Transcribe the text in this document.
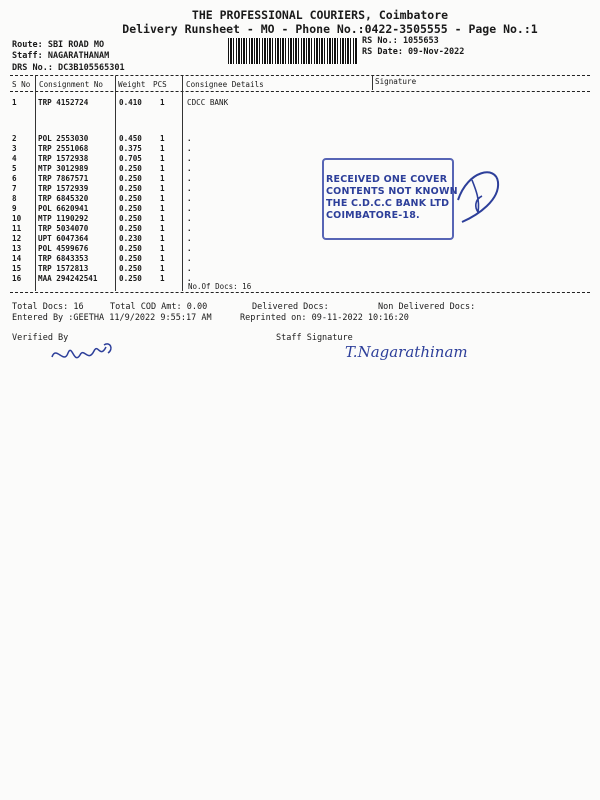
THE PROFESSIONAL COURIERS, Coimbatore
Delivery Runsheet - MO - Phone No.:0422-3505555 - Page No.:1
Route: SBI ROAD MO
Staff: NAGARATHANAM
DRS No.: DC3B105565301
RS No.: 1055653
RS Date: 09-Nov-2022
S No Consignment No Weight PCS	Consignee Details	Signature
1	TRP 4152724	0.410 1	CDCC BANK
2	POL 2553030	0.450 1	.
3	TRP 2551068	0.375 1	.
4	TRP 1572938	0.705 1	.
5	MTP 3012989	0.250 1	.
6	TRP 7867571	0.250 1	.
7	TRP 1572939	0.250 1	.
8	TRP 6845320	0.250 1	.
9	POL 6620941	0.250 1	.
10 MTP 1190292	0.250 1	.
11 TRP 5034070	0.250 1	.
12 UPT 6047364	0.230 1	.
13 POL 4599676	0.250 1	.
14 TRP 6843353	0.250 1	.
15 TRP 1572813	0.250 1	.
16 MAA 294242541	0.250 1	.
No.Of Docs: 16
RECEIVED ONE COVER
CONTENTS NOT KNOWN
THE C.D.C.C BANK LTD
COIMBATORE-18.
Total Docs: 16	Total COD Amt: 0.00	Delivered Docs:	Non Delivered Docs:
Entered By :GEETHA 11/9/2022 9:55:17 AM	Reprinted on: 09-11-2022 10:16:20
Verified By	Staff Signature
T.Nagarathinam
